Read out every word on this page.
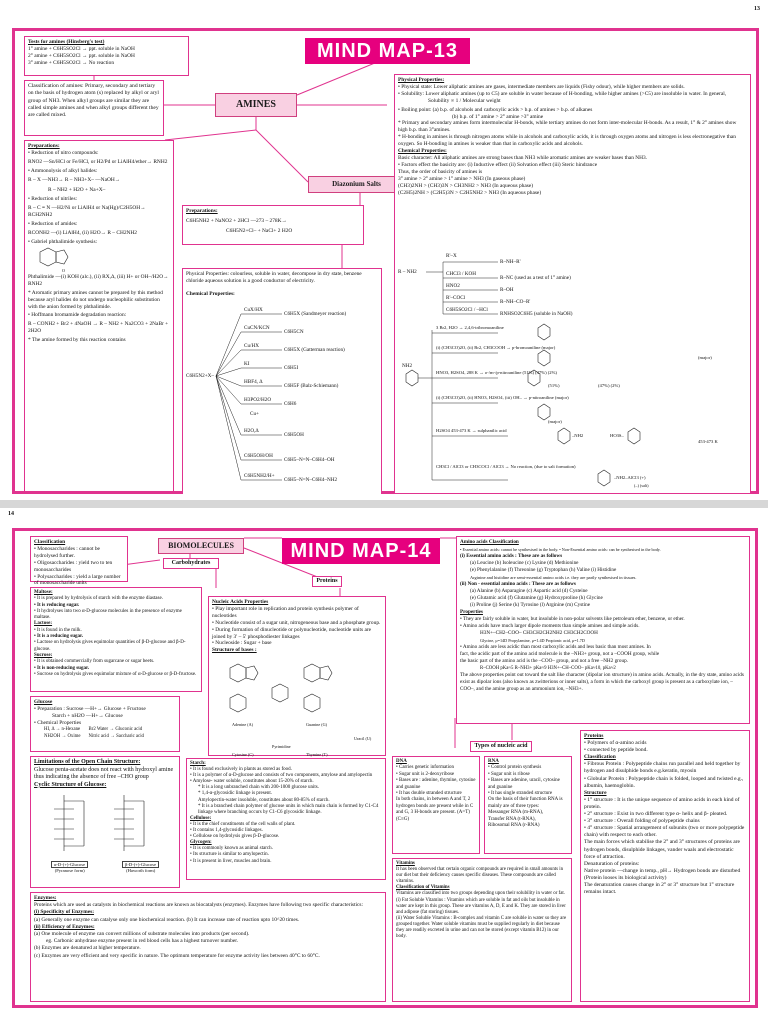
13
MIND MAP-13
Tests for amines (Hinsberg's test)
1° amine + C6H5SO2Cl → ppt. soluble in NaOH
2° amine + C6H5SO2Cl → ppt. soluble in NaOH
3° amine + C6H5SO2Cl → No reaction
Classification of amines: Primary, secondary and tertiary on the basis of hydrogen atom (s) replaced by alkyl or aryl group of NH3. When alkyl groups are similar they are called simple amines and when alkyl groups different they are called mixed.
AMINES
Diazonium Salts
Preparations:
• Reduction of nitro compounds:
RNO2 —Sn/HCl or Fe/HCl, or H2/Pd or LiAlH4/ether→ RNH2
• Ammonolysis of alkyl halides:
R – X —NH3→ R – NH3+X– —NaOH→
R – NH2 + H2O + Na+X–
• Reduction of nitriles:
R – C ≡ N —H2/Ni or LiAlH4 or Na(Hg)/C2H5OH→ RCH2NH2
• Reduction of amides:
RCONH2 —(i) LiAlH4, (ii) H2O→ R – CH2NH2
• Gabriel phthalimide synthesis:
O
Phthalimide —(i) KOH (alc.), (ii) RX,Δ, (iii) H+ or OH–/H2O→ RNH2
* Aromatic primary amines cannot be prepared by this method because aryl halides do not undergo nucleophilic substitution with the anion formed by phthalimide.
• Hoffmann bromamide degradation reaction:
R – CONH2 + Br2 + 4NaOH → R – NH2 + Na2CO3 + 2NaBr + 2H2O
* The amine formed by this reaction contains
Preparations:
C6H5NH2 + NaNO2 + 2HCl —273 – 278K→
C6H5N2+Cl– + NaCl+ 2 H2O
Physical Properties: colourless, soluble in water, decompose in dry state, benzene chloride aqueous solution is a good conductor of electricity.
Chemical Properties:
C6H5N2+X–
CuX/HX
C6H5X (Sandmeyer reaction)
CuCN/KCN
C6H5CN
Cu/HX
C6H5X (Gatterman reaction)
KI
C6H5I
HBF4, Δ
C6H5F (Balz-Schiemann)
H3PO2/H2O
C6H6
Cu+
H2O,Δ
C6H5OH
C6H5OH/OH
C6H5–N=N–C6H4–OH
C6H5NH2/H+
C6H5–N=N–C6H4–NH2
Physical Properties:
• Physical state: Lower aliphatic amines are gases, intermediate members are liquids (Fishy odour), while higher members are solids.
• Solubility: Lower aliphatic amines (up to C5) are soluble in water because of H-bonding, while higher amines (>C5) are insoluble in water. In general,
Solubility ∝ 1 / Molecular weight
• Boiling point: (a) b.p. of alcohols and carboxylic acids > b.p. of amines > b.p. of alkanes
(b) b.p. of 1° amine > 2° amine >3° amine
* Primary and secondary amines form intermolecular H-bonds, while tertiary amines do not form inter-molecular H-bonds. As a result, 1° & 2° amines show high b.p. than 3°amines.
* H-bonding in amines is through nitrogen atoms while in alcohols and carboxylic acids, it is through oxygen atoms and nitrogen is less electronegative than oxygen. So H-bonding in amines is weaker than that in carboxylic acids and alcohols.
Chemical Properties:
Basic character: All aliphatic amines are strong bases than NH3 while aromatic amines are weaker bases than NH3.
• Factors effect the basicity are: (i) Inductive effect (ii) Solvation effect (iii) Steric hindrance
Thus, the order of basicity of amines is
3° amine > 2° amine > 1° amine > NH3 (In gaseous phase)
(CH3)2NH > (CH3)3N > CH3NH2 > NH3 (In aqueous phase)
(C2H5)2NH > (C2H5)3N > C2H5NH2 > NH3 (In aqueous phase)
R – NH2
R'–X
R–NH–R'
CHCl3 / KOH
R–NC (used as a test of 1° amine)
HNO2
R–OH
R'–COCl
R–NH–CO–R'
C6H5SO2Cl / –HCl
RNHSO2C6H5 (soluble in NaOH)
NH2
3 Br2, H2O → 2,4,6-tribromoaniline
(i) (CH3CO)2O, (ii) Br2, CH3COOH → p-bromoaniline (major)
HNO3, H2SO4, 288 K → o-/m-/p-nitroaniline (51%) (47%) (2%)
(51%)	(47%) (2%)
(i) (CH3CO)2O, (ii) HNO3, H2SO4, (iii) OH– → p-nitroaniline (major)
(major)
H2SO4 453-473 K → sulphanilic acid
–NH2	HO3S–
CH3Cl / AlCl3 or CH3COCl / AlCl3 → No reaction, (due to salt formation)
–NH2–AlCl3 (+)
(–) (salt)
(major)
453-473 K
14
MIND MAP-14
Classification
• Monosaccharides : cannot be hydrolysed further.
• Oligosaccharides : yield two to ten monosaccharides
• Polysaccharides : yield a large number of monosaccharide units
BIOMOLECULES
Carbohydrates
Proteins
Types of nucleic acid
Maltose:
• It is prepared by hydrolysis of starch with the enzyme diastase.
• It is reducing sugar.
• It hydrolyses into two α-D-glucose molecules in the presence of enzyme maltase.
Lactose:
• It is found in the milk.
• It is a reducing sugar.
• Lactose on hydrolysis gives equimolar quantities of β-D-glucose and β-D-glucose.
Sucrose:
• It is obtained commercially from sugarcane or sugar beets.
• It is non-reducing sugar.
• Sucrose on hydrolysis gives equimolar mixture of α-D-glucose or β-D-fructose.
Glucose
• Preparation : Sucrose —H+→ Glucose + Fructose
Starch + nH2O —H+→ Glucose
• Chemical Properties
HI, Δ → n-Hexane
NH2OH → Oxime
Br2 Water → Gluconic acid
Nitric acid → Saccharic acid
Limitations of the Open Chain Structure:
Glucose penta-acetate does not react with hydroxyl amine thus indicating the absence of free –CHO group
Cyclic Structure of Glucose:
α-D-(+)-Glucose	β-D-(+)-Glucose
(Pyranose form)	(Haworth form)
Nucleic Acids Properties
• Play important role in replication and protein synthesis polymer of nucleotides
• Nucleotide consist of a sugar unit, nitrogeneous base and a phosphate group.
• During formation of dinucleotide or polynucleotide, nucleotide units are joined by 3' – 5' phosphodiester linkages
• Nucleoside : Sugar + base
Structure of bases :
Adenine (A)	Guanine (G)
Cytosine (C)	Thymine (T)
Uracil (U)
Pyrimidine
Starch:
• It is found exclusively in plants as stored as food.
• It is a polymer of α-D-glucose and consists of two components, amylose and amylopectin
• Amylose- water soluble, constitutes about 15-20% of starch.
* It is a long unbranched chain with 200-1000 glucose units.
* 1,4-α-glycosidic linkage is present.
Amylopectin-water insoluble, constitutes about 80-85% of starch.
* It is a branched chain polymer of glucose units in which main chain is formed by C1-C4 linkage where branching occurs by C1-C6 glycosidic linkage.
Cellulose:
• It is the chief constituents of the cell walls of plant.
• It contains 1,4-glycosidic linkages.
• Cellulose on hydrolysis gives β-D-glucose.
Glycogen:
• It is commonly known as animal starch.
• Its structure is similar to amylopectin.
• It is present in liver, muscles and brain.
Enzymes:
Proteins which are used as catalysts in biochemical reactions are known as biocatalysts (enzymes). Enzymes have following two specific characteristics:
(i) Specificity of Enzymes:
(a) Generally one enzyme can catalyse only one biochemical reaction. (b) It can increase rate of reaction upto 10^20 times.
(ii) Efficiency of Enzymes:
(a) One molecule of enzyme can convert millions of substrate molecules into products (per second).
eg. Carbonic anhydrase enzyme present in red blood cells has a highest turnover number.
(b) Enzymes are denatured at higher temperature.
(c) Enzymes are very efficient and very specific in nature. The optimum temperature for enzyme activity lies between 40°C to 60°C.
Amino acids Classification
• Essential amino acids: cannot be synthesised in the body. • Non-Essential amino acids: can be synthesised in the body.
(i) Essential amino acids : These are as follows
(a) Leucine (b) Isoleucine (c) Lysine (d) Methionine
(e) Phenylalanine (f) Threonine (g) Tryptophan (h) Valine (i) Histidine
Arginine and histidine are semi-essential amino acids i.e. they are partly synthesised in tissues.
(ii) Non - essential amino acids : These are as follows
(a) Alanine (b) Asparagine (c) Aspartic acid (d) Cysteine
(e) Glutamic acid (f) Glutamine (g) Hydroxyproline (h) Glycine
(i) Proline (j) Serine (k) Tyrosine (l) Arginine (m) Cystine
Properties
• They are fairly soluble in water, but insoluble in non-polar solvents like petroleum ether, benzene, or ether.
• Amino acids have much larger dipole moments than simple amines and simple acids.
H3N+–CH2–COO– CH3CH2CH2NH2 CH3CH2COOH
Glycine, μ=14D Propylamine, μ=1.4D Propionic acid, μ=1.7D
• Amino acids are less acidic than most carboxylic acids and less basic than most amines. In
fact, the acidic part of the amino acid molecule is the –NH3+ group, not a –COOH group, while
the basic part of the amino acid is the –COO– group, and not a free –NH2 group.
R–COOH pKa≈5 R–NH3+ pKa≈9 H3N+–CH–COO– pKa≈10, pKa≈2
The above properties point out toward the salt like character (dipolar ion structure) in amino acids. Actually, in the dry state, amino acids exist as dipolar ions (also known as zwitterions or inner salts), a form in which the carboxyl group is present as a carboxylate ion, –COO–, and the amine group as an ammonium ion, –NH3+.
DNA
• Carries genetic information
• Sugar unit is 2-deoxyribose
• Bases are : adenine, thymine, cytosine and guanine
• It has double stranded structure
In both chains, in between A and T, 2 hydrogen bonds are present while in C and G, 3 H-bonds are present. (A=T) (C≡G)
RNA
• Control protein synthesis
• Sugar unit is ribose
• Bases are adenine, uracil, cytosine and guanine
• It has single stranded structure
On the basis of their function RNA is mainly are of three types:
Messanger RNA (m-RNA),
Transfer RNA (t-RNA),
Ribosomal RNA (r-RNA)
Vitamins
It has been observed that certain organic compounds are required in small amounts in our diet but their deficiency causes specific diseases. These compounds are called vitamins.
Classification of Vitamins
Vitamins are classified into two groups depending upon their solubility in water or fat.
(i) Fat Soluble Vitamins : Vitamins which are soluble in fat and oils but insoluble in water are kept in this group. These are vitamins A, D, E and K. They are stored in liver and adipose (fat storing) tissues.
(ii) Water Soluble Vitamins : B-complex and vitamin C are soluble in water so they are grouped together. Water soluble vitamins must be supplied regularly in diet because they are readily excreted in urine and can not be stored (except vitamin B12) in our body.
Proteins
• Polymers of α-amino acids
• connected by peptide bond.
Classification
• Fibrous Protein : Polypeptide chains run parallel and held together by hydrogen and disulphide bonds e.g.keratin, myosin
• Globular Protein : Polypeptide chain is folded, looped and twisted e.g., albumin, haemoglobin.
Structure
• 1° structure : It is the unique sequence of amino acids in each kind of protein.
• 2° structure : Exist in two different type α- helix and β- pleated.
• 3° structure : Overall folding of polypeptide chains
• 4° structure : Spatial arrangement of subunits (two or more polypeptide chain) with respect to each other.
The main forces which stabilise the 2° and 3° structures of proteins are hydrogen bonds, disulphide linkages, vander waals and electrostatic force of attraction.
Denaturation of proteins:
Native protein —change in temp., pH→ Hydrogen bonds are disturbed
(Protein looses its biological activity)
The denaturation causes change in 2° or 3° structure but 1° structure remains intact.
